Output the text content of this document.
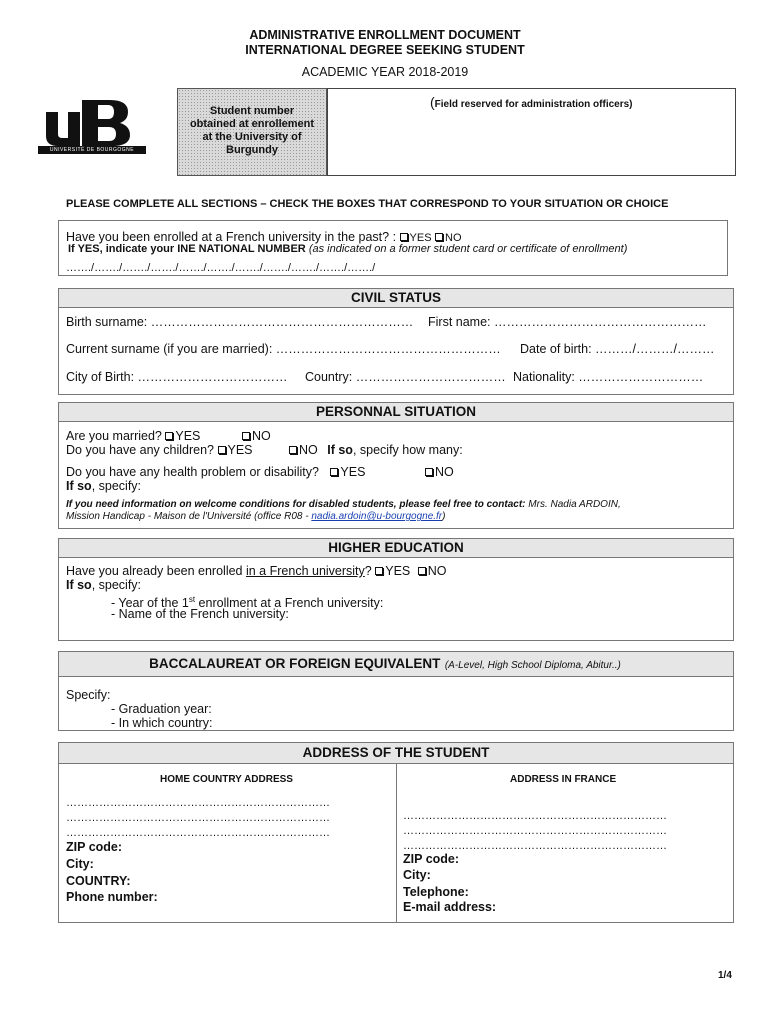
ADMINISTRATIVE ENROLLMENT DOCUMENT
INTERNATIONAL DEGREE SEEKING STUDENT
ACADEMIC YEAR 2018-2019
UNIVERSITÉ DE BOURGOGNE
Student number
obtained at enrollement
at the University of
Burgundy
(Field reserved for administration officers)
PLEASE COMPLETE ALL SECTIONS – CHECK THE BOXES THAT CORRESPOND TO YOUR SITUATION OR CHOICE
Have you been enrolled at a French university in the past? : YES NO
If YES, indicate your INE NATIONAL NUMBER (as indicated on a former student card or certificate of enrollment)
……./……./……./……./……./……./……./……./……./……./……./
CIVIL STATUS
Birth surname: ……………………………………………………… First name: ……………………………………………
Current surname (if you are married): ……………………………………………… Date of birth: ………/………/………
City of Birth: ……………………………… Country: ……………………………… Nationality: …………………………
PERSONNAL SITUATION
Are you married? YES	NO
Do you have any children? YES	NO If so, specify how many:
Do you have any health problem or disability? YES	NO
If so, specify:
If you need information on welcome conditions for disabled students, please feel free to contact: Mrs. Nadia ARDOIN,
Mission Handicap - Maison de l'Université (office R08 - nadia.ardoin@u-bourgogne.fr)
HIGHER EDUCATION
Have you already been enrolled in a French university? YES NO
If so, specify:
- Year of the 1st enrollment at a French university:
- Name of the French university:
BACCALAUREAT OR FOREIGN EQUIVALENT (A-Level, High School Diploma, Abitur..)
Specify:
- Graduation year:
- In which country:
ADDRESS OF THE STUDENT
HOME COUNTRY ADDRESS	ADDRESS IN FRANCE
………………………………………………………………
………………………………………………………………
………………………………………………………………
ZIP code:
City:
COUNTRY:
Phone number:
………………………………………………………………
………………………………………………………………
………………………………………………………………
ZIP code:
City:
Telephone:
E-mail address:
1/4
